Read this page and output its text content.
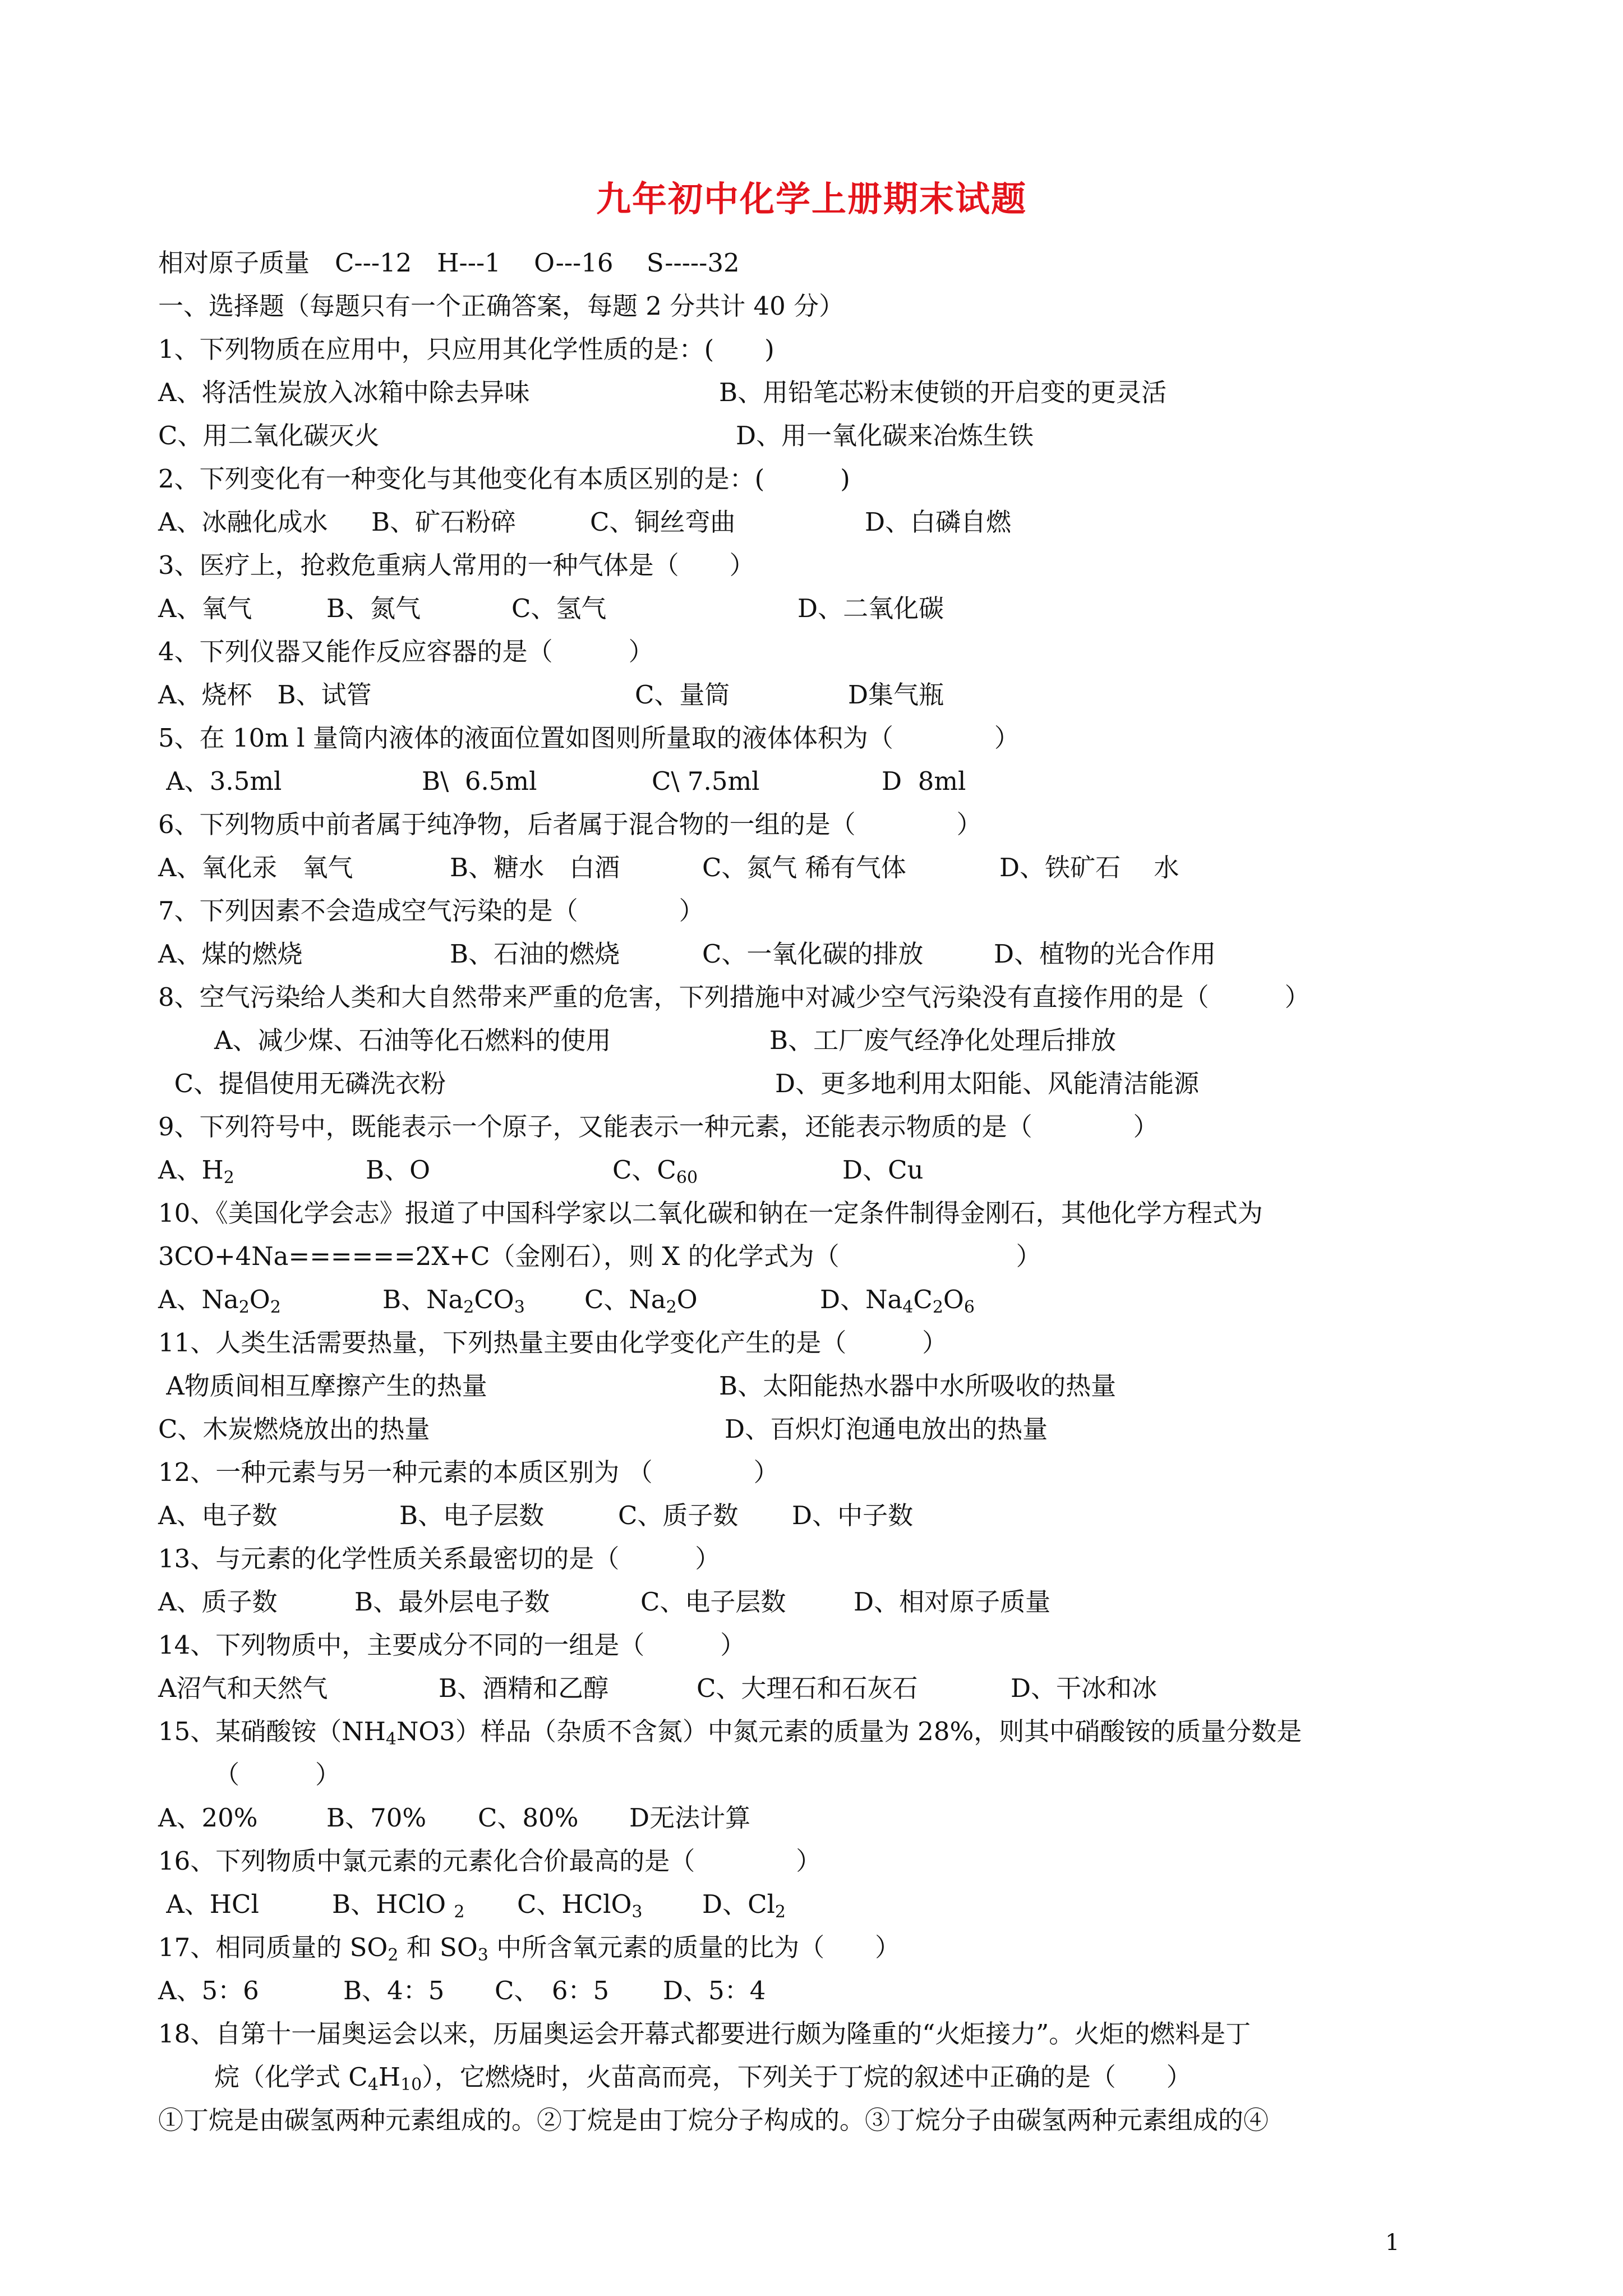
九年初中化学上册期末试题
相对原子质量　C---12　H---1　 O---16　 S-----32
一、选择题（每题只有一个正确答案，每题 2 分共计 40 分）
1、下列物质在应用中，只应用其化学性质的是：(　　)
A、将活性炭放入冰箱中除去异味	B、用铅笔芯粉末使锁的开启变的更灵活
C、用二氧化碳灭火	D、用一氧化碳来冶炼生铁
2、下列变化有一种变化与其他变化有本质区别的是：(　　　)
A、冰融化成水 B、矿石粉碎	C、铜丝弯曲	D、白磷自燃
3、医疗上，抢救危重病人常用的一种气体是（　　）
A、氧气	B、氮气	C、氢气	D、二氧化碳
4、下列仪器又能作反应容器的是（　　　）
A、烧杯　B、试管	C、量筒	D集气瓶
5、在 10m l 量筒内液体的液面位置如图则所量取的液体体积为（　　　　）
A、3.5ml	B\  6.5ml	C\ 7.5ml	D  8ml
6、下列物质中前者属于纯净物，后者属于混合物的一组的是（　　　　）
A、氧化汞　氧气	B、糖水　白酒	C、氮气 稀有气体	D、铁矿石　 水
7、下列因素不会造成空气污染的是（　　　　）
A、煤的燃烧	B、石油的燃烧	C、一氧化碳的排放	D、植物的光合作用
8、空气污染给人类和大自然带来严重的危害，下列措施中对减少空气污染没有直接作用的是（　　　）
A、减少煤、石油等化石燃料的使用	B、工厂废气经净化处理后排放
C、提倡使用无磷洗衣粉	D、更多地利用太阳能、风能清洁能源
9、下列符号中，既能表示一个原子，又能表示一种元素，还能表示物质的是（　　　　）
A、$H_2$	B、O	C、$C_{60}$	D、Cu
10、《美国化学会志》报道了中国科学家以二氧化碳和钠在一定条件制得金刚石，其他化学方程式为
3CO+4Na======2X+C（金刚石），则 X 的化学式为（　　　　　　　）
A、$Na_2O_2$	B、$Na_2CO_3$ C、$Na_2O$	D、$Na_4C_2O_6$
11、人类生活需要热量，下列热量主要由化学变化产生的是（　　　）
A物质间相互摩擦产生的热量	B、太阳能热水器中水所吸收的热量
C、木炭燃烧放出的热量	D、百炽灯泡通电放出的热量
12、一种元素与另一种元素的本质区别为 （　　　　）
A、电子数	B、电子层数	C、质子数 D、中子数
13、与元素的化学性质关系最密切的是（　　　）
A、质子数	B、最外层电子数	C、电子层数	D、相对原子质量
14、下列物质中，主要成分不同的一组是（　　　）
A沼气和天然气	B、酒精和乙醇	C、大理石和石灰石	D、干冰和冰
15、某硝酸铵$(NH_4NO3)$样品（杂质不含氮）中氮元素的质量为 28%，则其中硝酸铵的质量分数是
（　　　）
A、20%	B、70% C、80% D无法计算
16、下列物质中氯元素的元素化合价最高的是（　　　　）
A、HCl	B、HClO $_2$ C、HClO$_3$ D、$Cl_2$
17、相同质量的 $SO_2$ 和 $SO_3$ 中所含氧元素的质量的比为（　　）
A、5：6	B、4：5 C、　6：5 D、5：4
18、自第十一届奥运会以来，历届奥运会开幕式都要进行颇为隆重的“火炬接力”。火炬的燃料是丁
烷（化学式 $C_4H_{10}$），它燃烧时，火苗高而亮，下列关于丁烷的叙述中正确的是（　　）
①丁烷是由碳氢两种元素组成的。②丁烷是由丁烷分子构成的。③丁烷分子由碳氢两种元素组成的④
1
